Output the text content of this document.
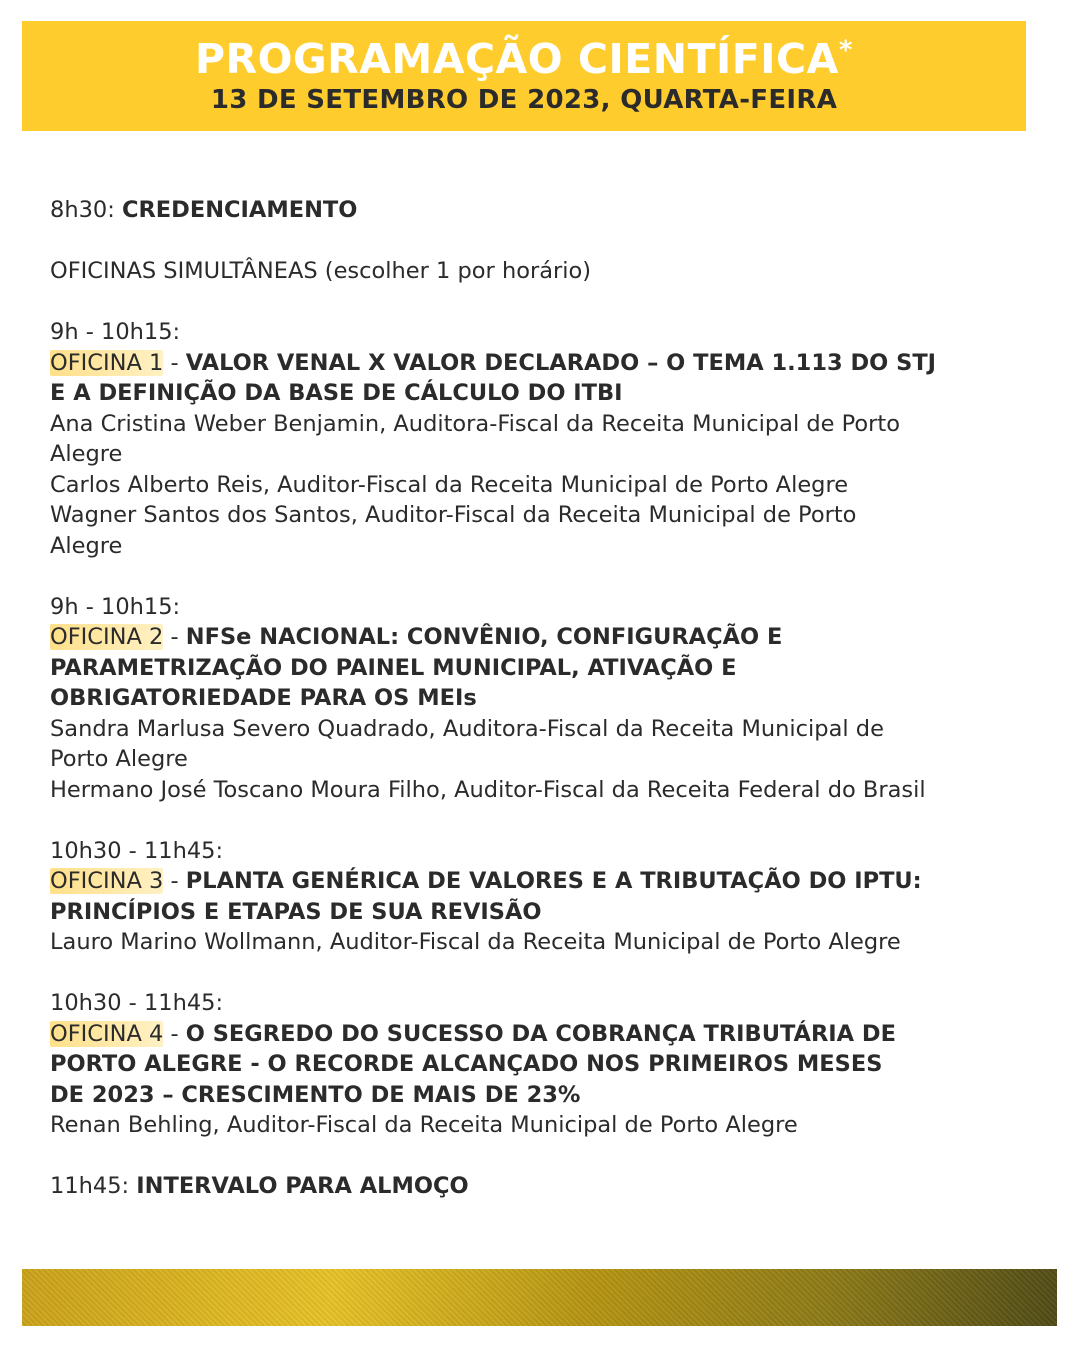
PROGRAMAÇÃO CIENTÍFICA*
13 DE SETEMBRO DE 2023, QUARTA-FEIRA
8h30: CREDENCIAMENTO
OFICINAS SIMULTÂNEAS (escolher 1 por horário)
9h - 10h15:
OFICINA 1 - VALOR VENAL X VALOR DECLARADO – O TEMA 1.113 DO STJ
E A DEFINIÇÃO DA BASE DE CÁLCULO DO ITBI
Ana Cristina Weber Benjamin, Auditora-Fiscal da Receita Municipal de Porto
Alegre
Carlos Alberto Reis, Auditor-Fiscal da Receita Municipal de Porto Alegre
Wagner Santos dos Santos, Auditor-Fiscal da Receita Municipal de Porto
Alegre
9h - 10h15:
OFICINA 2 - NFSe NACIONAL: CONVÊNIO, CONFIGURAÇÃO E
PARAMETRIZAÇÃO DO PAINEL MUNICIPAL, ATIVAÇÃO E
OBRIGATORIEDADE PARA OS MEIs
Sandra Marlusa Severo Quadrado, Auditora-Fiscal da Receita Municipal de
Porto Alegre
Hermano José Toscano Moura Filho, Auditor-Fiscal da Receita Federal do Brasil
10h30 - 11h45:
OFICINA 3 - PLANTA GENÉRICA DE VALORES E A TRIBUTAÇÃO DO IPTU:
PRINCÍPIOS E ETAPAS DE SUA REVISÃO
Lauro Marino Wollmann, Auditor-Fiscal da Receita Municipal de Porto Alegre
10h30 - 11h45:
OFICINA 4 - O SEGREDO DO SUCESSO DA COBRANÇA TRIBUTÁRIA DE
PORTO ALEGRE - O RECORDE ALCANÇADO NOS PRIMEIROS MESES
DE 2023 – CRESCIMENTO DE MAIS DE 23%
Renan Behling, Auditor-Fiscal da Receita Municipal de Porto Alegre
11h45: INTERVALO PARA ALMOÇO
